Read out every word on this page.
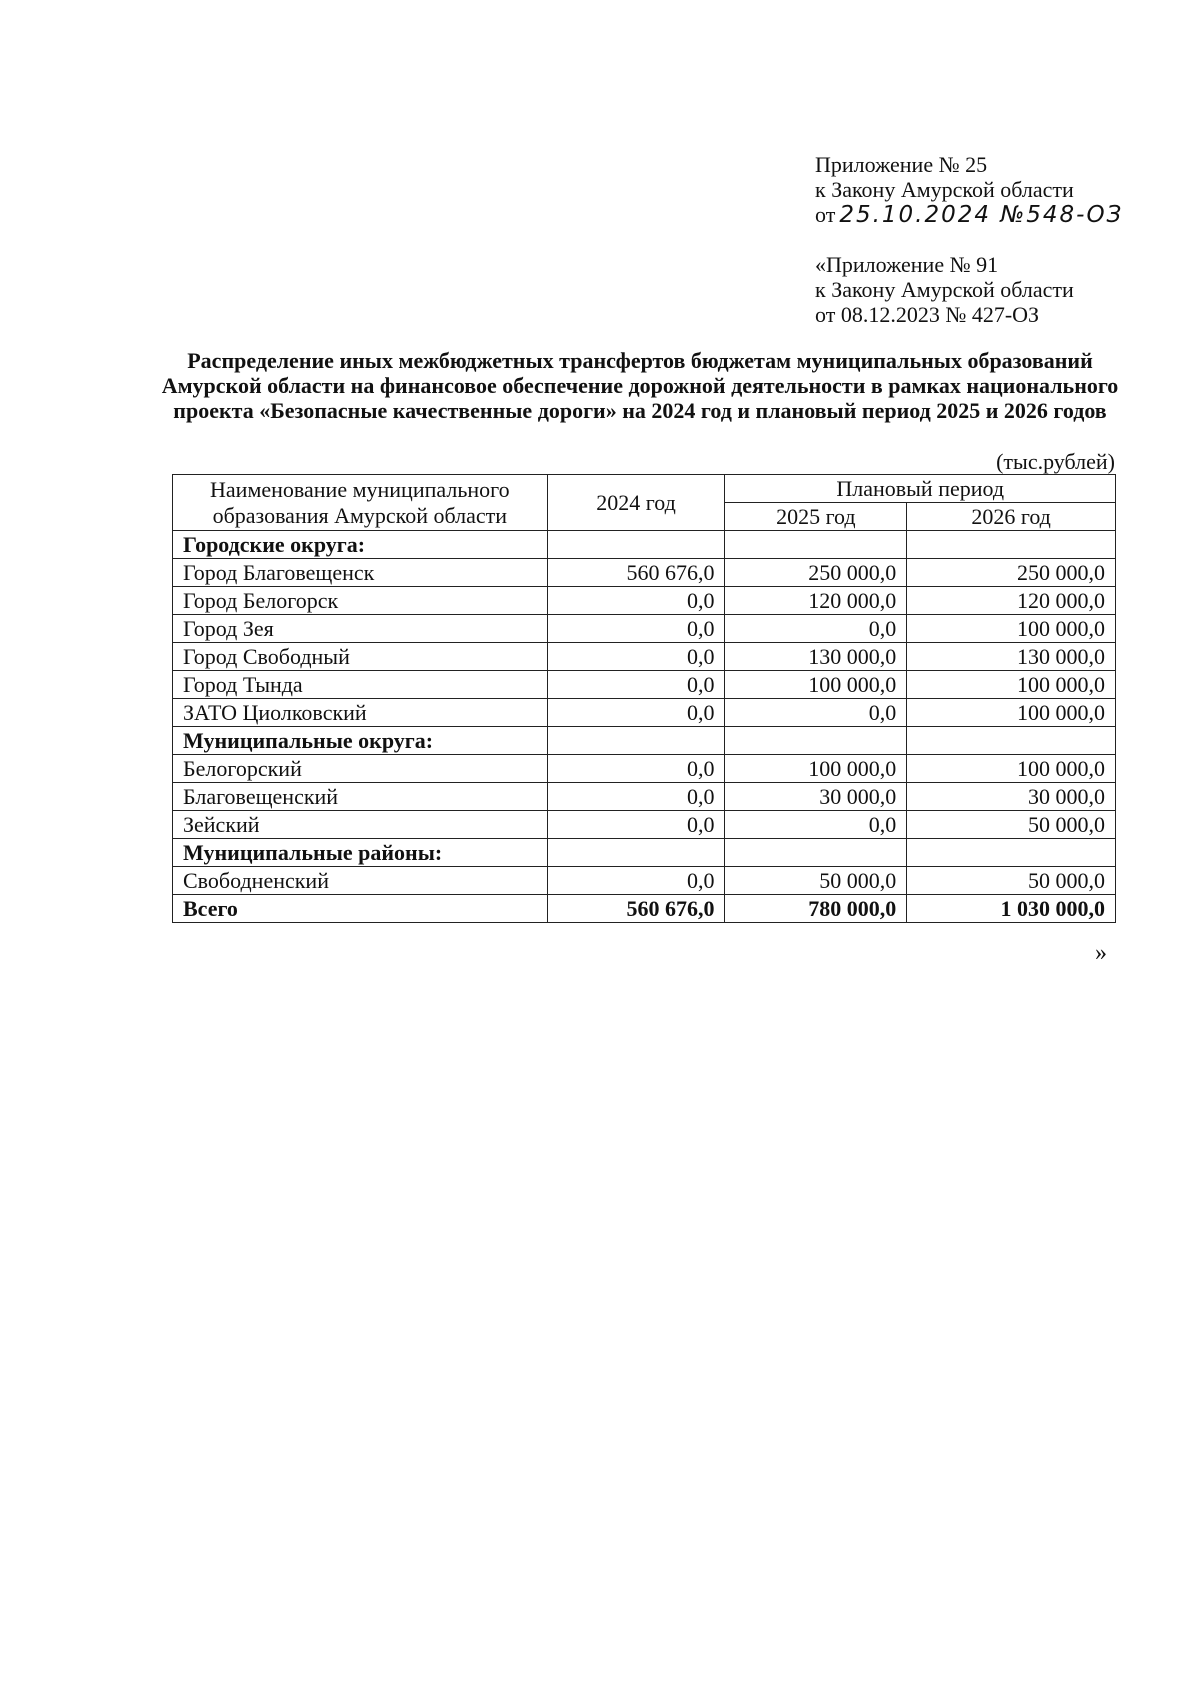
Приложение № 25
к Закону Амурской области
от 25.10.2024 №548-ОЗ
«Приложение № 91
к Закону Амурской области
от 08.12.2023 № 427-ОЗ
Распределение иных межбюджетных трансфертов бюджетам муниципальных образований Амурской области на финансовое обеспечение дорожной деятельности в рамках национального проекта «Безопасные качественные дороги» на 2024 год и плановый период 2025 и 2026 годов
(тыс.рублей)
Наименование муниципального образования Амурской области	2024 год	Плановый период	
		2025 год	2026 год
Городские округа:			
Город Благовещенск	560 676,0	250 000,0	250 000,0
Город Белогорск	0,0	120 000,0	120 000,0
Город Зея	0,0	0,0	100 000,0
Город Свободный	0,0	130 000,0	130 000,0
Город Тында	0,0	100 000,0	100 000,0
ЗАТО Циолковский	0,0	0,0	100 000,0
Муниципальные округа:			
Белогорский	0,0	100 000,0	100 000,0
Благовещенский	0,0	30 000,0	30 000,0
Зейский	0,0	0,0	50 000,0
Муниципальные районы:			
Свободненский	0,0	50 000,0	50 000,0
Всего	560 676,0	780 000,0	1 030 000,0
»
